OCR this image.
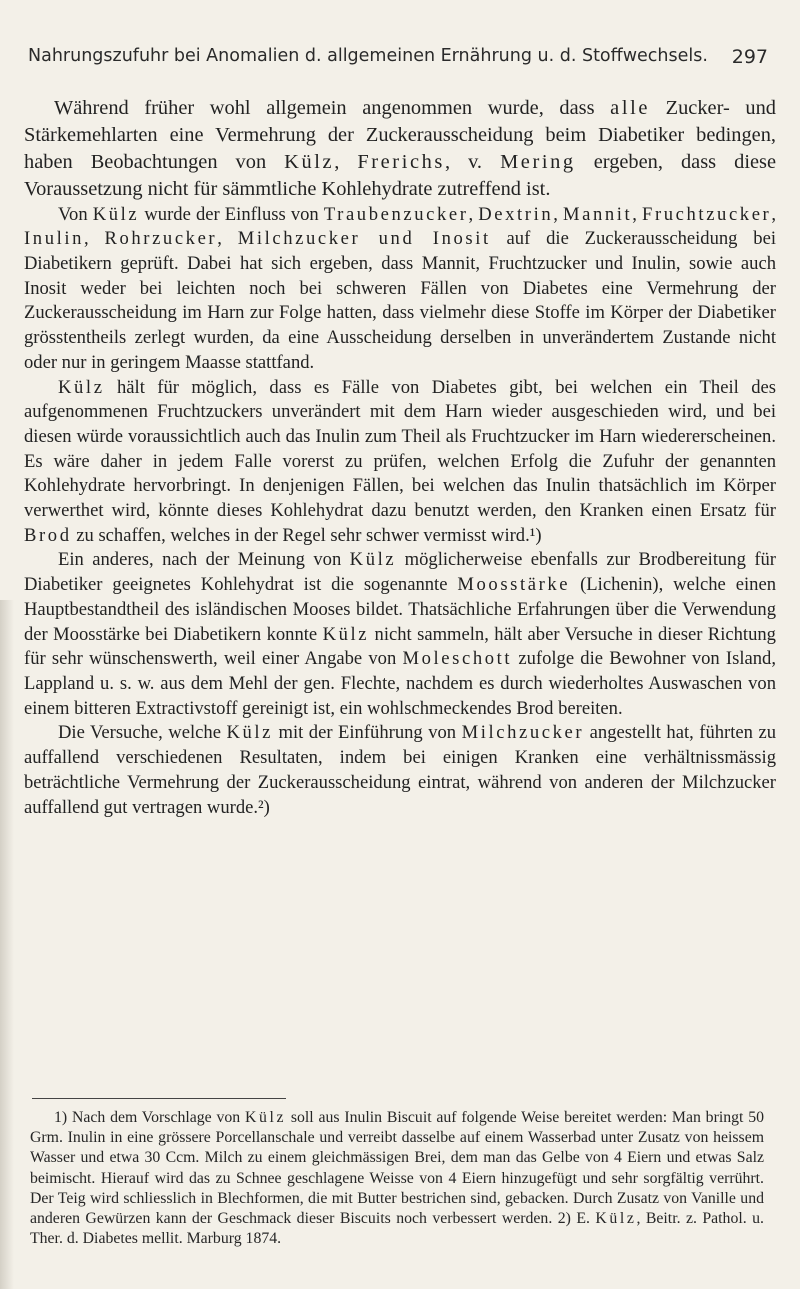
Nahrungszufuhr bei Anomalien d. allgemeinen Ernährung u. d. Stoffwechsels. 297

Während früher wohl allgemein angenommen wurde, dass alle Zucker- und Stärkemehlarten eine Vermehrung der Zuckerausscheidung beim Diabetiker bedingen, haben Beobachtungen von Külz, Frerichs, v. Mering ergeben, dass diese Voraussetzung nicht für sämmtliche Kohlehydrate zutreffend ist.

Von Külz wurde der Einfluss von Traubenzucker, Dextrin, Mannit, Fruchtzucker, Inulin, Rohrzucker, Milchzucker und Inosit auf die Zuckerausscheidung bei Diabetikern geprüft. Dabei hat sich ergeben, dass Mannit, Fruchtzucker und Inulin, sowie auch Inosit weder bei leichten noch bei schweren Fällen von Diabetes eine Vermehrung der Zuckerausscheidung im Harn zur Folge hatten, dass vielmehr diese Stoffe im Körper der Diabetiker grösstentheils zerlegt wurden, da eine Ausscheidung derselben in unverändertem Zustande nicht oder nur in geringem Maasse stattfand.

Külz hält für möglich, dass es Fälle von Diabetes gibt, bei welchen ein Theil des aufgenommenen Fruchtzuckers unverändert mit dem Harn wieder ausgeschieden wird, und bei diesen würde voraussichtlich auch das Inulin zum Theil als Fruchtzucker im Harn wiedererscheinen. Es wäre daher in jedem Falle vorerst zu prüfen, welchen Erfolg die Zufuhr der genannten Kohlehydrate hervorbringt. In denjenigen Fällen, bei welchen das Inulin thatsächlich im Körper verwerthet wird, könnte dieses Kohlehydrat dazu benutzt werden, den Kranken einen Ersatz für Brod zu schaffen, welches in der Regel sehr schwer vermisst wird.¹)

Ein anderes, nach der Meinung von Külz möglicherweise ebenfalls zur Brodbereitung für Diabetiker geeignetes Kohlehydrat ist die sogenannte Moosstärke (Lichenin), welche einen Hauptbestandtheil des isländischen Mooses bildet. Thatsächliche Erfahrungen über die Verwendung der Moosstärke bei Diabetikern konnte Külz nicht sammeln, hält aber Versuche in dieser Richtung für sehr wünschenswerth, weil einer Angabe von Moleschott zufolge die Bewohner von Island, Lappland u. s. w. aus dem Mehl der gen. Flechte, nachdem es durch wiederholtes Auswaschen von einem bitteren Extractivstoff gereinigt ist, ein wohlschmeckendes Brod bereiten.

Die Versuche, welche Külz mit der Einführung von Milchzucker angestellt hat, führten zu auffallend verschiedenen Resultaten, indem bei einigen Kranken eine verhältnissmässig beträchtliche Vermehrung der Zuckerausscheidung eintrat, während von anderen der Milchzucker auffallend gut vertragen wurde.²)

1) Nach dem Vorschlage von Külz soll aus Inulin Biscuit auf folgende Weise bereitet werden: Man bringt 50 Grm. Inulin in eine grössere Porcellanschale und verreibt dasselbe auf einem Wasserbad unter Zusatz von heissem Wasser und etwa 30 Ccm. Milch zu einem gleichmässigen Brei, dem man das Gelbe von 4 Eiern und etwas Salz beimischt. Hierauf wird das zu Schnee geschlagene Weisse von 4 Eiern hinzugefügt und sehr sorgfältig verrührt. Der Teig wird schliesslich in Blechformen, die mit Butter bestrichen sind, gebacken. Durch Zusatz von Vanille und anderen Gewürzen kann der Geschmack dieser Biscuits noch verbessert werden. 2) E. Külz, Beitr. z. Pathol. u. Ther. d. Diabetes mellit. Marburg 1874.
